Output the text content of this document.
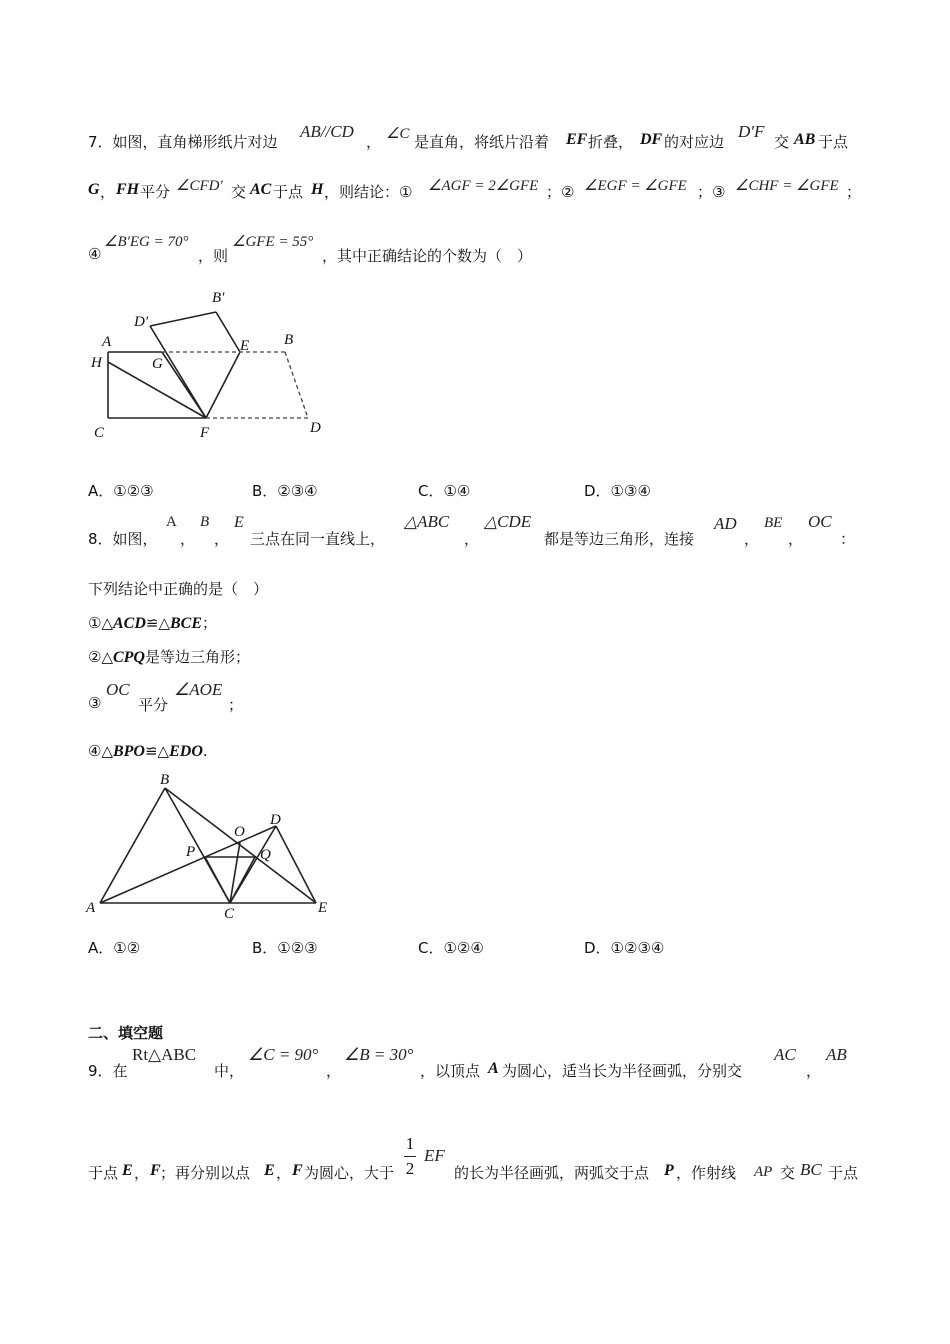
7．如图，直角梯形纸片对边
AB//CD
， ∠C 是直角，将纸片沿着 EF 折叠， DF 的对应边
D′F
交 AB 于点
G ， FH 平分 ∠CFD′ 交 AC 于点 H ，则结论：① ∠AGF = 2∠GFE ；② ∠EGF = ∠GFE ；③ ∠CHF = ∠GFE ；
④
∠B′EG = 70°
，则
∠GFE = 55°
，其中正确结论的个数为（　）
A
H
C	F
G
E B
D
D′
B′
A．①②③	B．②③④	C．①④	D．①③④
8．如图，
A
，
B
，
E
三点在同一直线上，
△ABC
，
△CDE
都是等边三角形，连接
AD
，
BE
，
OC
：
下列结论中正确的是（　）
①△ACD≌△BCE；
②△CPQ是等边三角形；
③
OC
平分
∠AOE
；
④△BPO≌△EDO.
A
B
C
D
E
O
P	Q
A．①②	B．①②③	C．①②④	D．①②③④
二、填空题
9．在
Rt△ABC
中，
∠C = 90°
，
∠B = 30°
，以顶点 A 为圆心，适当长为半径画弧，分别交
AC
，
AB
于点 E ， F ；再分别以点 E ， F 为圆心，大于
1
2
EF
的长为半径画弧，两弧交于点 P ，作射线 AP 交 BC 于点
